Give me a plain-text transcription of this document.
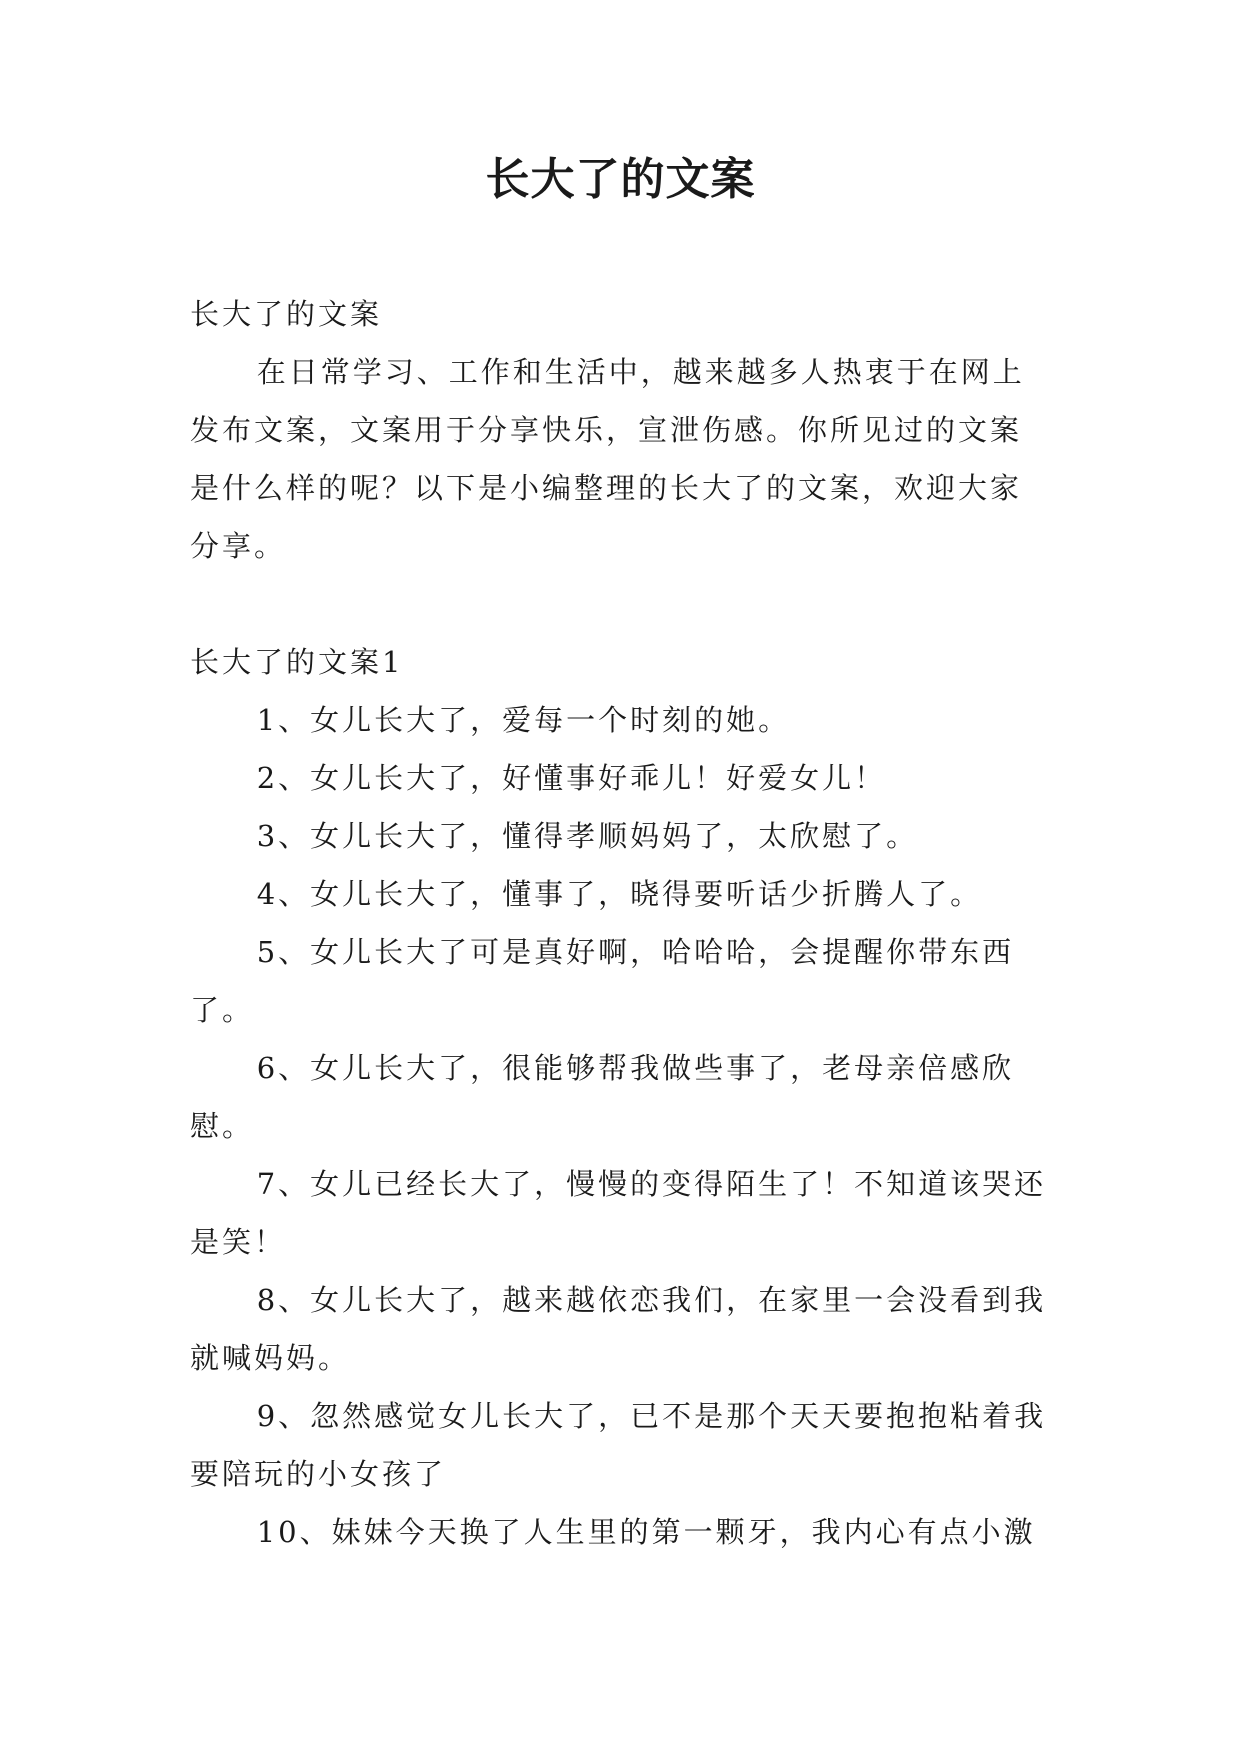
长大了的文案

长大了的文案

在日常学习、工作和生活中，越来越多人热衷于在网上发布文案，文案用于分享快乐，宣泄伤感。你所见过的文案是什么样的呢？以下是小编整理的长大了的文案，欢迎大家分享。

长大了的文案1

1、女儿长大了，爱每一个时刻的她。

2、女儿长大了，好懂事好乖儿！好爱女儿！

3、女儿长大了，懂得孝顺妈妈了，太欣慰了。

4、女儿长大了，懂事了，晓得要听话少折腾人了。

5、女儿长大了可是真好啊，哈哈哈，会提醒你带东西了。

6、女儿长大了，很能够帮我做些事了，老母亲倍感欣慰。

7、女儿已经长大了，慢慢的变得陌生了！不知道该哭还是笑！

8、女儿长大了，越来越依恋我们，在家里一会没看到我就喊妈妈。

9、忽然感觉女儿长大了，已不是那个天天要抱抱粘着我要陪玩的小女孩了

10、妹妹今天换了人生里的第一颗牙，我内心有点小激
